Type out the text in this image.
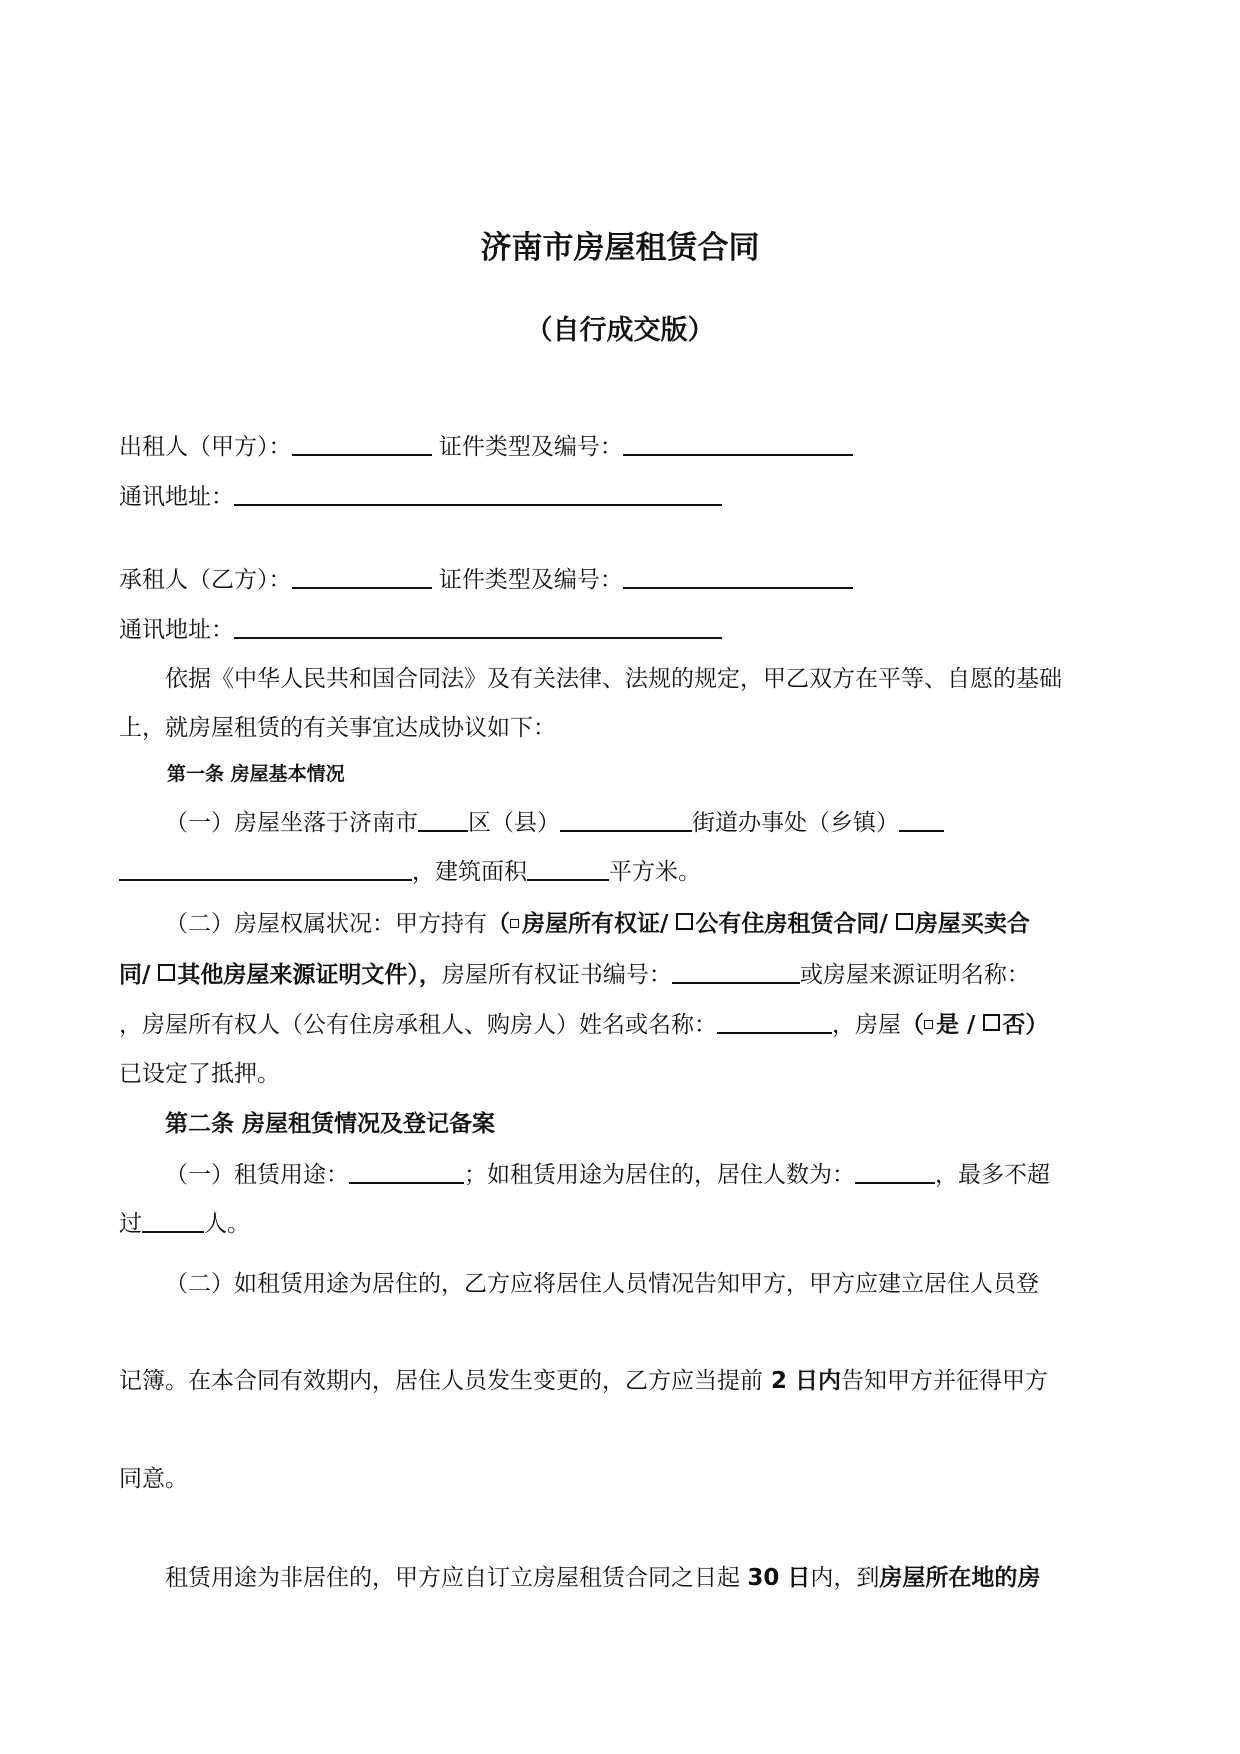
济南市房屋租赁合同
（自行成交版）
出租人（甲方）：	证件类型及编号：
通讯地址：
承租人（乙方）：	证件类型及编号：
通讯地址：
依据《中华人民共和国合同法》及有关法律、法规的规定，甲乙双方在平等、自愿的基础
上，就房屋租赁的有关事宜达成协议如下：
第一条 房屋基本情况
（一）房屋坐落于济南市 区（县）	街道办事处（乡镇）
，建筑面积	平方米。
（二）房屋权属状况：甲方持有（ 房屋所有权证/ 公有住房租赁合同/ 房屋买卖合
同/ 其他房屋来源证明文件），房屋所有权证书编号：	或房屋来源证明名称：
，房屋所有权人（公有住房承租人、购房人）姓名或名称：	，房屋（ 是 / 否）
已设定了抵押。
第二条 房屋租赁情况及登记备案
（一）租赁用途：	；如租赁用途为居住的，居住人数为：	，最多不超
过	人。
（二）如租赁用途为居住的，乙方应将居住人员情况告知甲方，甲方应建立居住人员登
记簿。在本合同有效期内，居住人员发生变更的，乙方应当提前 2 日内告知甲方并征得甲方
同意。
租赁用途为非居住的，甲方应自订立房屋租赁合同之日起 30 日内，到房屋所在地的房
